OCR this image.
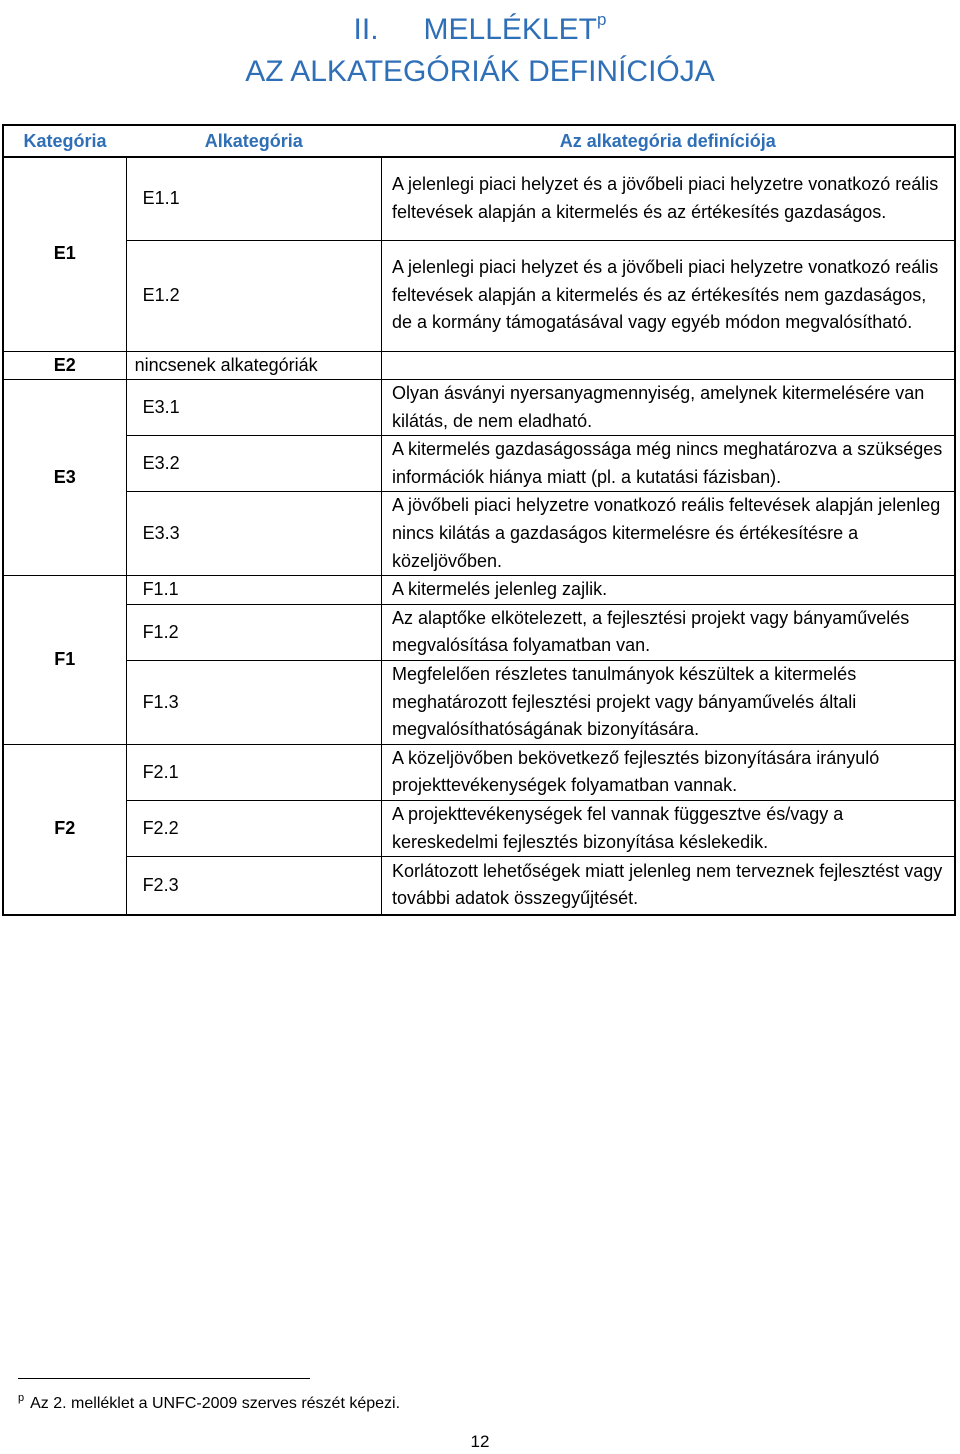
II. MELLÉKLET$^p$
AZ ALKATEGÓRIÁK DEFINÍCIÓJA
Kategória	Alkategória	Az alkategória definíciója
E1	E1.1	A jelenlegi piaci helyzet és a jövőbeli piaci helyzetre vonatkozó reális feltevések alapján a kitermelés és az értékesítés gazdaságos.
	E1.2	A jelenlegi piaci helyzet és a jövőbeli piaci helyzetre vonatkozó reális feltevések alapján a kitermelés és az értékesítés nem gazdaságos, de a kormány támogatásával vagy egyéb módon megvalósítható.
E2	nincsenek alkategóriák	
E3	E3.1	Olyan ásványi nyersanyagmennyiség, amelynek kitermelésére van kilátás, de nem eladható.
	E3.2	A kitermelés gazdaságossága még nincs meghatározva a szükséges információk hiánya miatt (pl. a kutatási fázisban).
	E3.3	A jövőbeli piaci helyzetre vonatkozó reális feltevések alapján jelenleg nincs kilátás a gazdaságos kitermelésre és értékesítésre a közeljövőben.
F1	F1.1	A kitermelés jelenleg zajlik.
	F1.2	Az alaptőke elkötelezett, a fejlesztési projekt vagy bányaművelés megvalósítása folyamatban van.
	F1.3	Megfelelően részletes tanulmányok készültek a kitermelés meghatározott fejlesztési projekt vagy bányaművelés általi megvalósíthatóságának bizonyítására.
F2	F2.1	A közeljövőben bekövetkező fejlesztés bizonyítására irányuló projekttevékenységek folyamatban vannak.
	F2.2	A projekttevékenységek fel vannak függesztve és/vagy a kereskedelmi fejlesztés bizonyítása késlekedik.
	F2.3	Korlátozott lehetőségek miatt jelenleg nem terveznek fejlesztést vagy további adatok összegyűjtését.
$^p$ Az 2. melléklet a UNFC-2009 szerves részét képezi.
12
